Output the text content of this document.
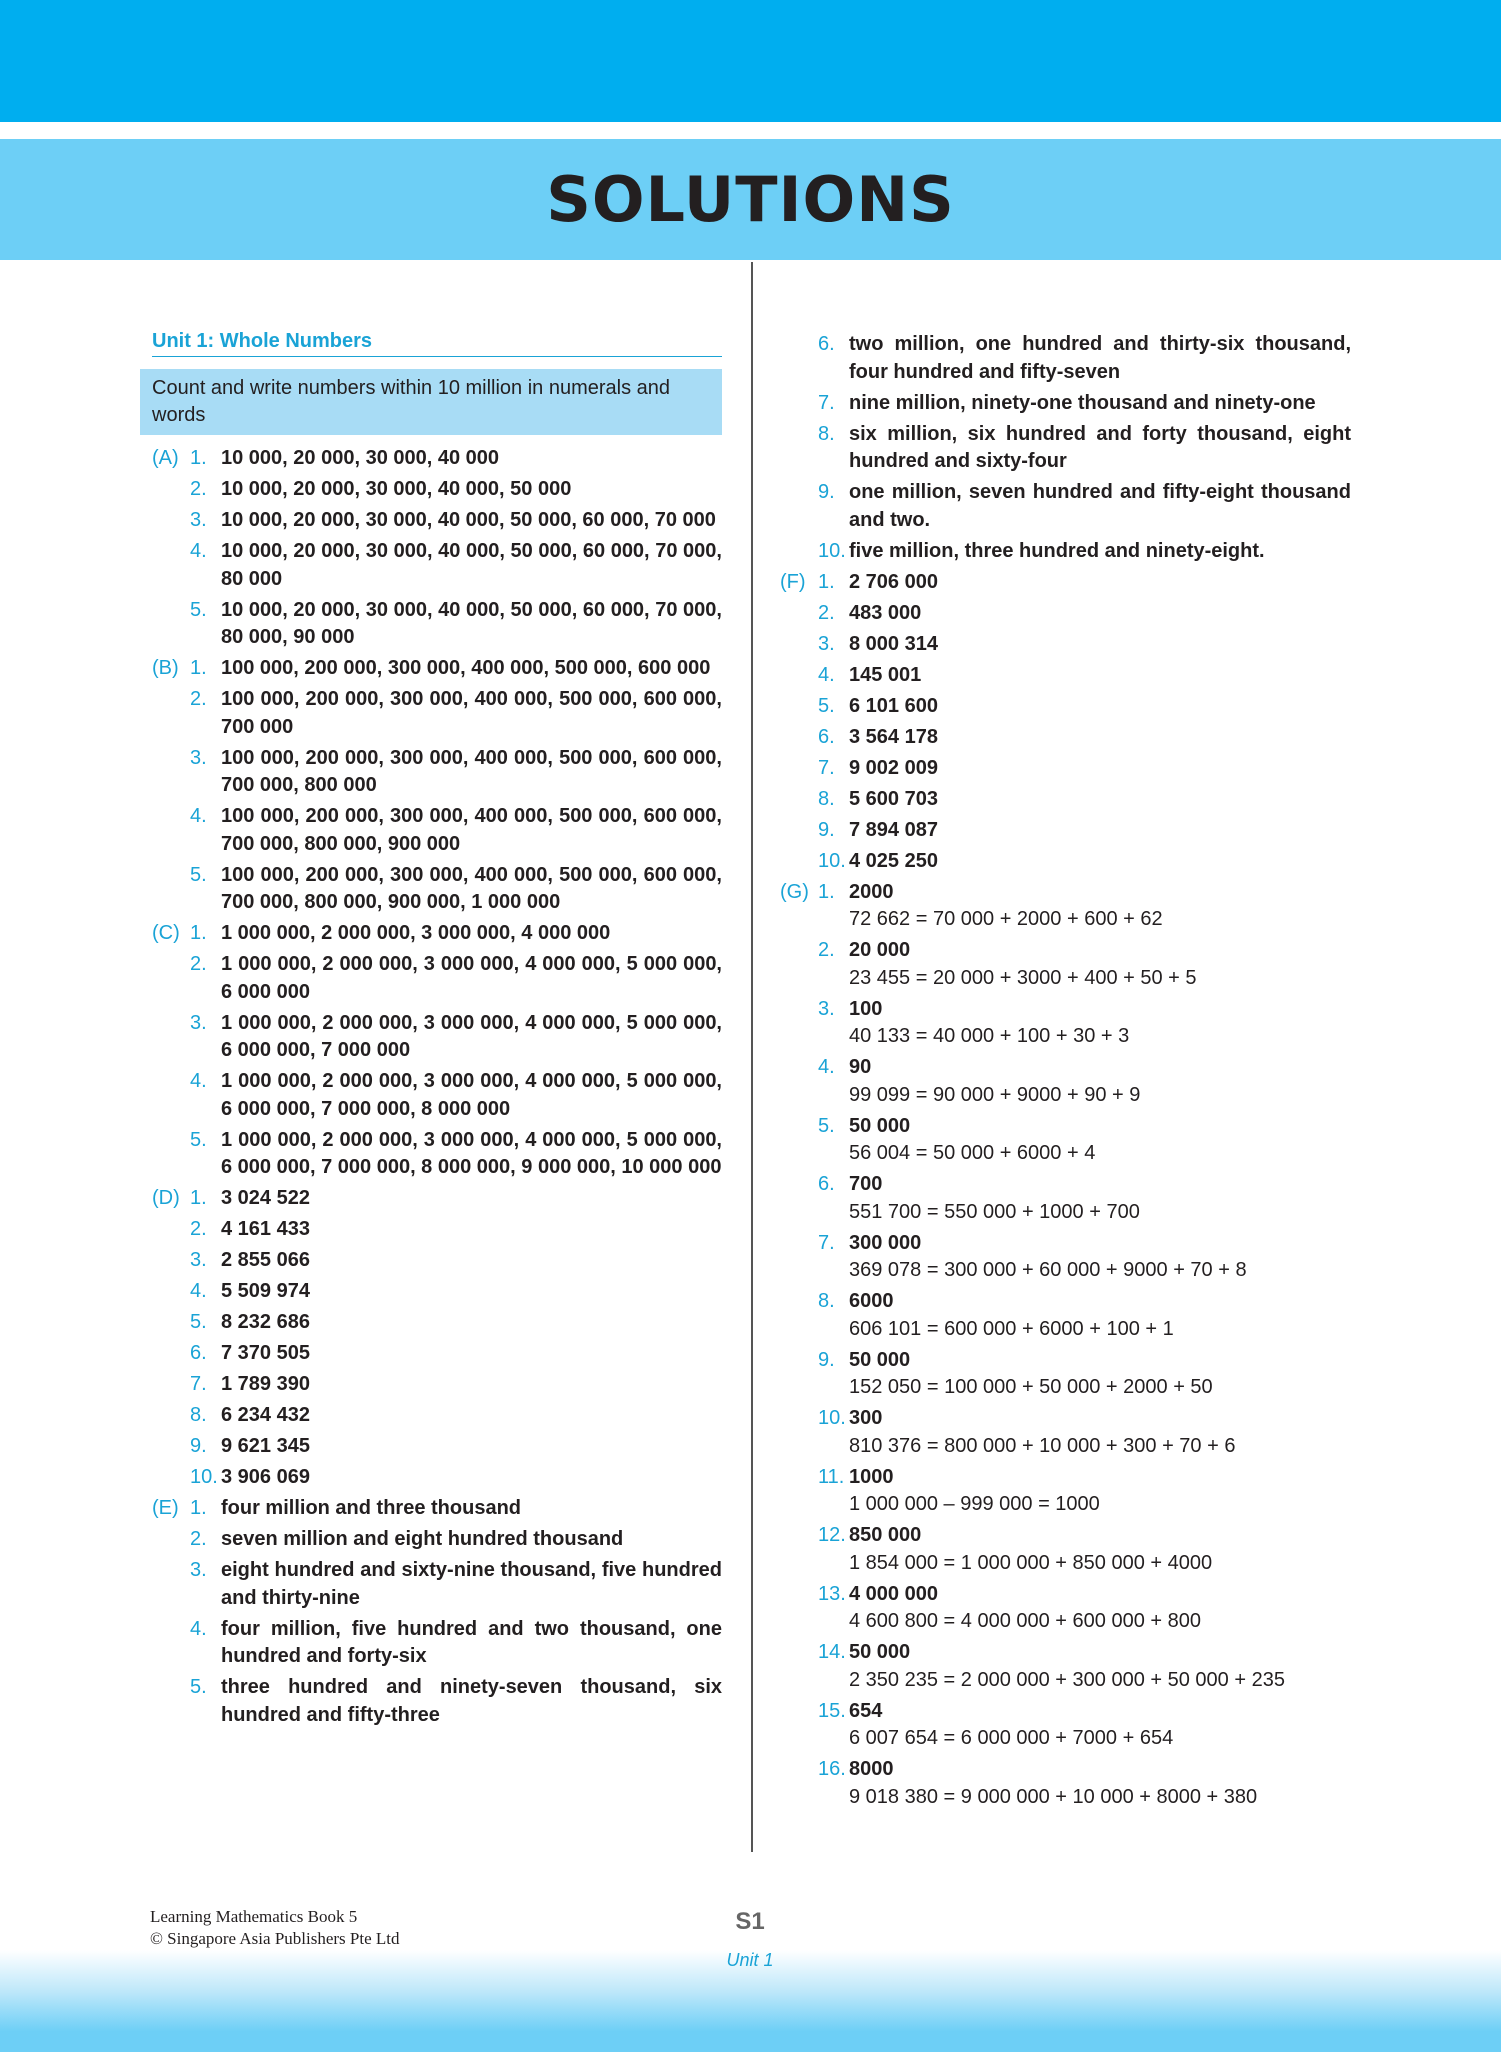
SOLUTIONS
Unit 1: Whole Numbers
Count and write numbers within 10 million in numerals and words
(A) 1. 10 000, 20 000, 30 000, 40 000
2. 10 000, 20 000, 30 000, 40 000, 50 000
3. 10 000, 20 000, 30 000, 40 000, 50 000, 60 000, 70 000
4. 10 000, 20 000, 30 000, 40 000, 50 000, 60 000, 70 000, 80 000
5. 10 000, 20 000, 30 000, 40 000, 50 000, 60 000, 70 000, 80 000, 90 000
(B) 1. 100 000, 200 000, 300 000, 400 000, 500 000, 600 000
2. 100 000, 200 000, 300 000, 400 000, 500 000, 600 000, 700 000
3. 100 000, 200 000, 300 000, 400 000, 500 000, 600 000, 700 000, 800 000
4. 100 000, 200 000, 300 000, 400 000, 500 000, 600 000, 700 000, 800 000, 900 000
5. 100 000, 200 000, 300 000, 400 000, 500 000, 600 000, 700 000, 800 000, 900 000, 1 000 000
(C) 1. 1 000 000, 2 000 000, 3 000 000, 4 000 000
2. 1 000 000, 2 000 000, 3 000 000, 4 000 000, 5 000 000, 6 000 000
3. 1 000 000, 2 000 000, 3 000 000, 4 000 000, 5 000 000, 6 000 000, 7 000 000
4. 1 000 000, 2 000 000, 3 000 000, 4 000 000, 5 000 000, 6 000 000, 7 000 000, 8 000 000
5. 1 000 000, 2 000 000, 3 000 000, 4 000 000, 5 000 000, 6 000 000, 7 000 000, 8 000 000, 9 000 000, 10 000 000
(D) 1. 3 024 522
2. 4 161 433
3. 2 855 066
4. 5 509 974
5. 8 232 686
6. 7 370 505
7. 1 789 390
8. 6 234 432
9. 9 621 345
10. 3 906 069
(E) 1. four million and three thousand
2. seven million and eight hundred thousand
3. eight hundred and sixty-nine thousand, five hundred and thirty-nine
4. four million, five hundred and two thousand, one hundred and forty-six
5. three hundred and ninety-seven thousand, six hundred and fifty-three
6. two million, one hundred and thirty-six thousand, four hundred and fifty-seven
7. nine million, ninety-one thousand and ninety-one
8. six million, six hundred and forty thousand, eight hundred and sixty-four
9. one million, seven hundred and fifty-eight thousand and two.
10. five million, three hundred and ninety-eight.
(F) 1. 2 706 000
2. 483 000
3. 8 000 314
4. 145 001
5. 6 101 600
6. 3 564 178
7. 9 002 009
8. 5 600 703
9. 7 894 087
10. 4 025 250
(G) 1. 2000
72 662 = 70 000 + 2000 + 600 + 62
2. 20 000
23 455 = 20 000 + 3000 + 400 + 50 + 5
3. 100
40 133 = 40 000 + 100 + 30 + 3
4. 90
99 099 = 90 000 + 9000 + 90 + 9
5. 50 000
56 004 = 50 000 + 6000 + 4
6. 700
551 700 = 550 000 + 1000 + 700
7. 300 000
369 078 = 300 000 + 60 000 + 9000 + 70 + 8
8. 6000
606 101 = 600 000 + 6000 + 100 + 1
9. 50 000
152 050 = 100 000 + 50 000 + 2000 + 50
10. 300
810 376 = 800 000 + 10 000 + 300 + 70 + 6
11. 1000
1 000 000 – 999 000 = 1000
12. 850 000
1 854 000 = 1 000 000 + 850 000 + 4000
13. 4 000 000
4 600 800 = 4 000 000 + 600 000 + 800
14. 50 000
2 350 235 = 2 000 000 + 300 000 + 50 000 + 235
15. 654
6 007 654 = 6 000 000 + 7000 + 654
16. 8000
9 018 380 = 9 000 000 + 10 000 + 8000 + 380
Learning Mathematics Book 5
© Singapore Asia Publishers Pte Ltd
S1
Unit 1
